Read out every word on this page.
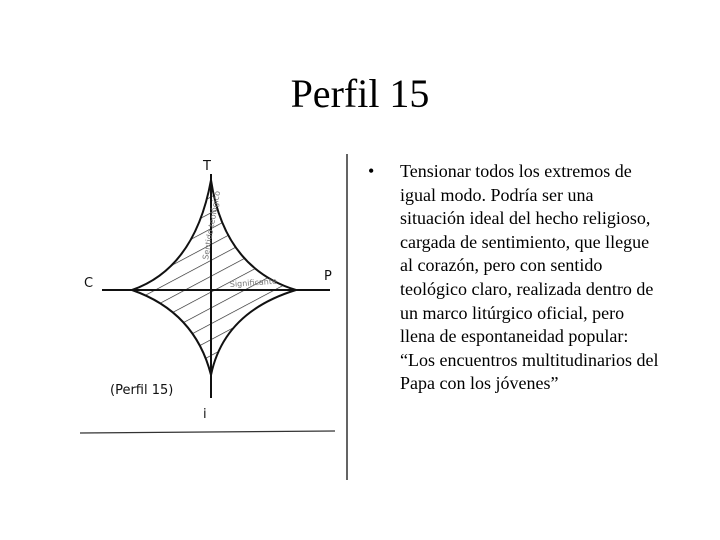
Perfil 15
Sentido teológico
Significante
T
i
C	P
(Perfil 15)
•	Tensionar todos los extremos de igual modo. Podría ser una situación ideal del hecho religioso, cargada de sentimiento, que llegue al corazón, pero con sentido teológico claro, realizada dentro de un marco litúrgico oficial, pero llena de espontaneidad popular: “Los encuentros multitudinarios del Papa con los jóvenes”
